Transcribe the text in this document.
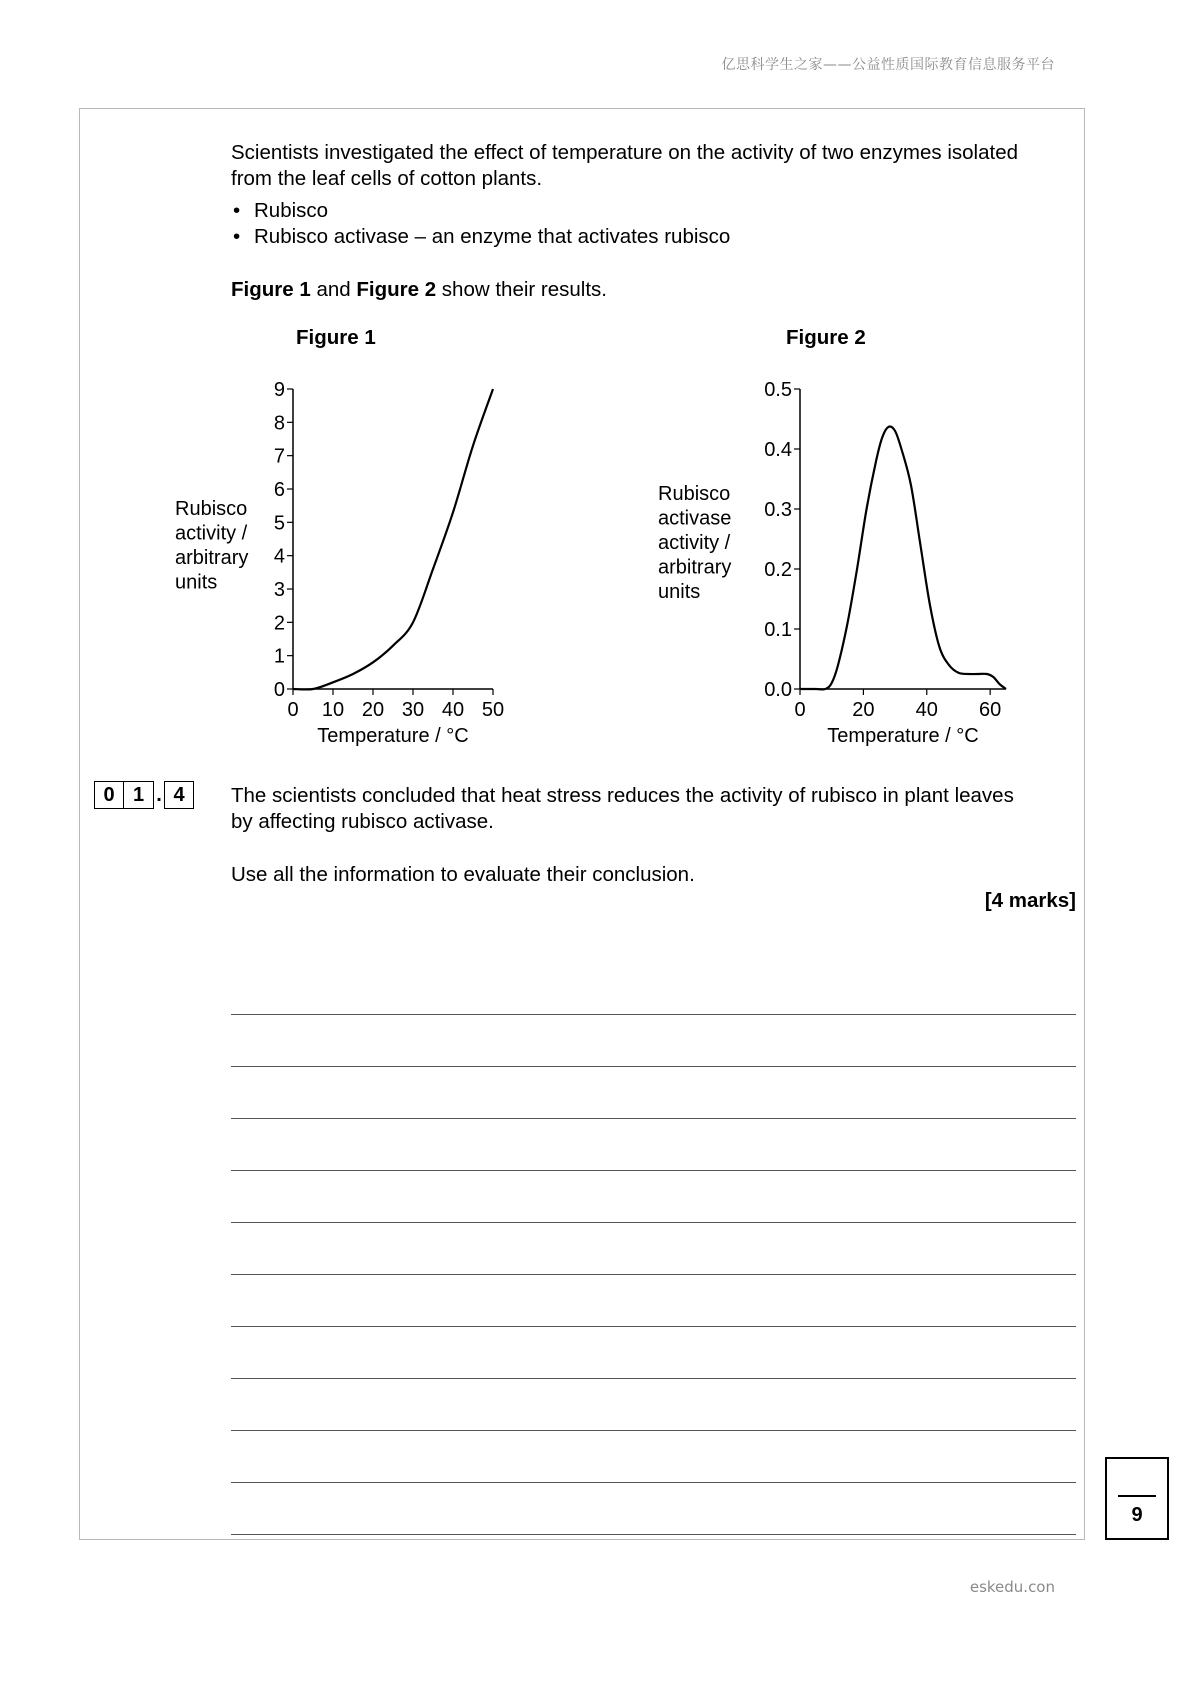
亿思科学生之家——公益性质国际教育信息服务平台
Scientists investigated the effect of temperature on the activity of two enzymes isolated from the leaf cells of cotton plants.
• Rubisco
• Rubisco activase – an enzyme that activates rubisco
Figure 1 and Figure 2 show their results.
Figure 1	Figure 2
0
1
2
3
4
5
6
7
8
9
0 10 20 30 40 50
Temperature / °C
Rubisco
activity /
arbitrary
units
0.0
0.1
0.2
0.3
0.4
0.5
0 20 40 60
Temperature / °C
Rubisco
activase
activity /
arbitrary
units
0 1 . 4	The scientists concluded that heat stress reduces the activity of rubisco in plant leaves by affecting rubisco activase.
Use all the information to evaluate their conclusion.
[4 marks]
9
eskedu.con
